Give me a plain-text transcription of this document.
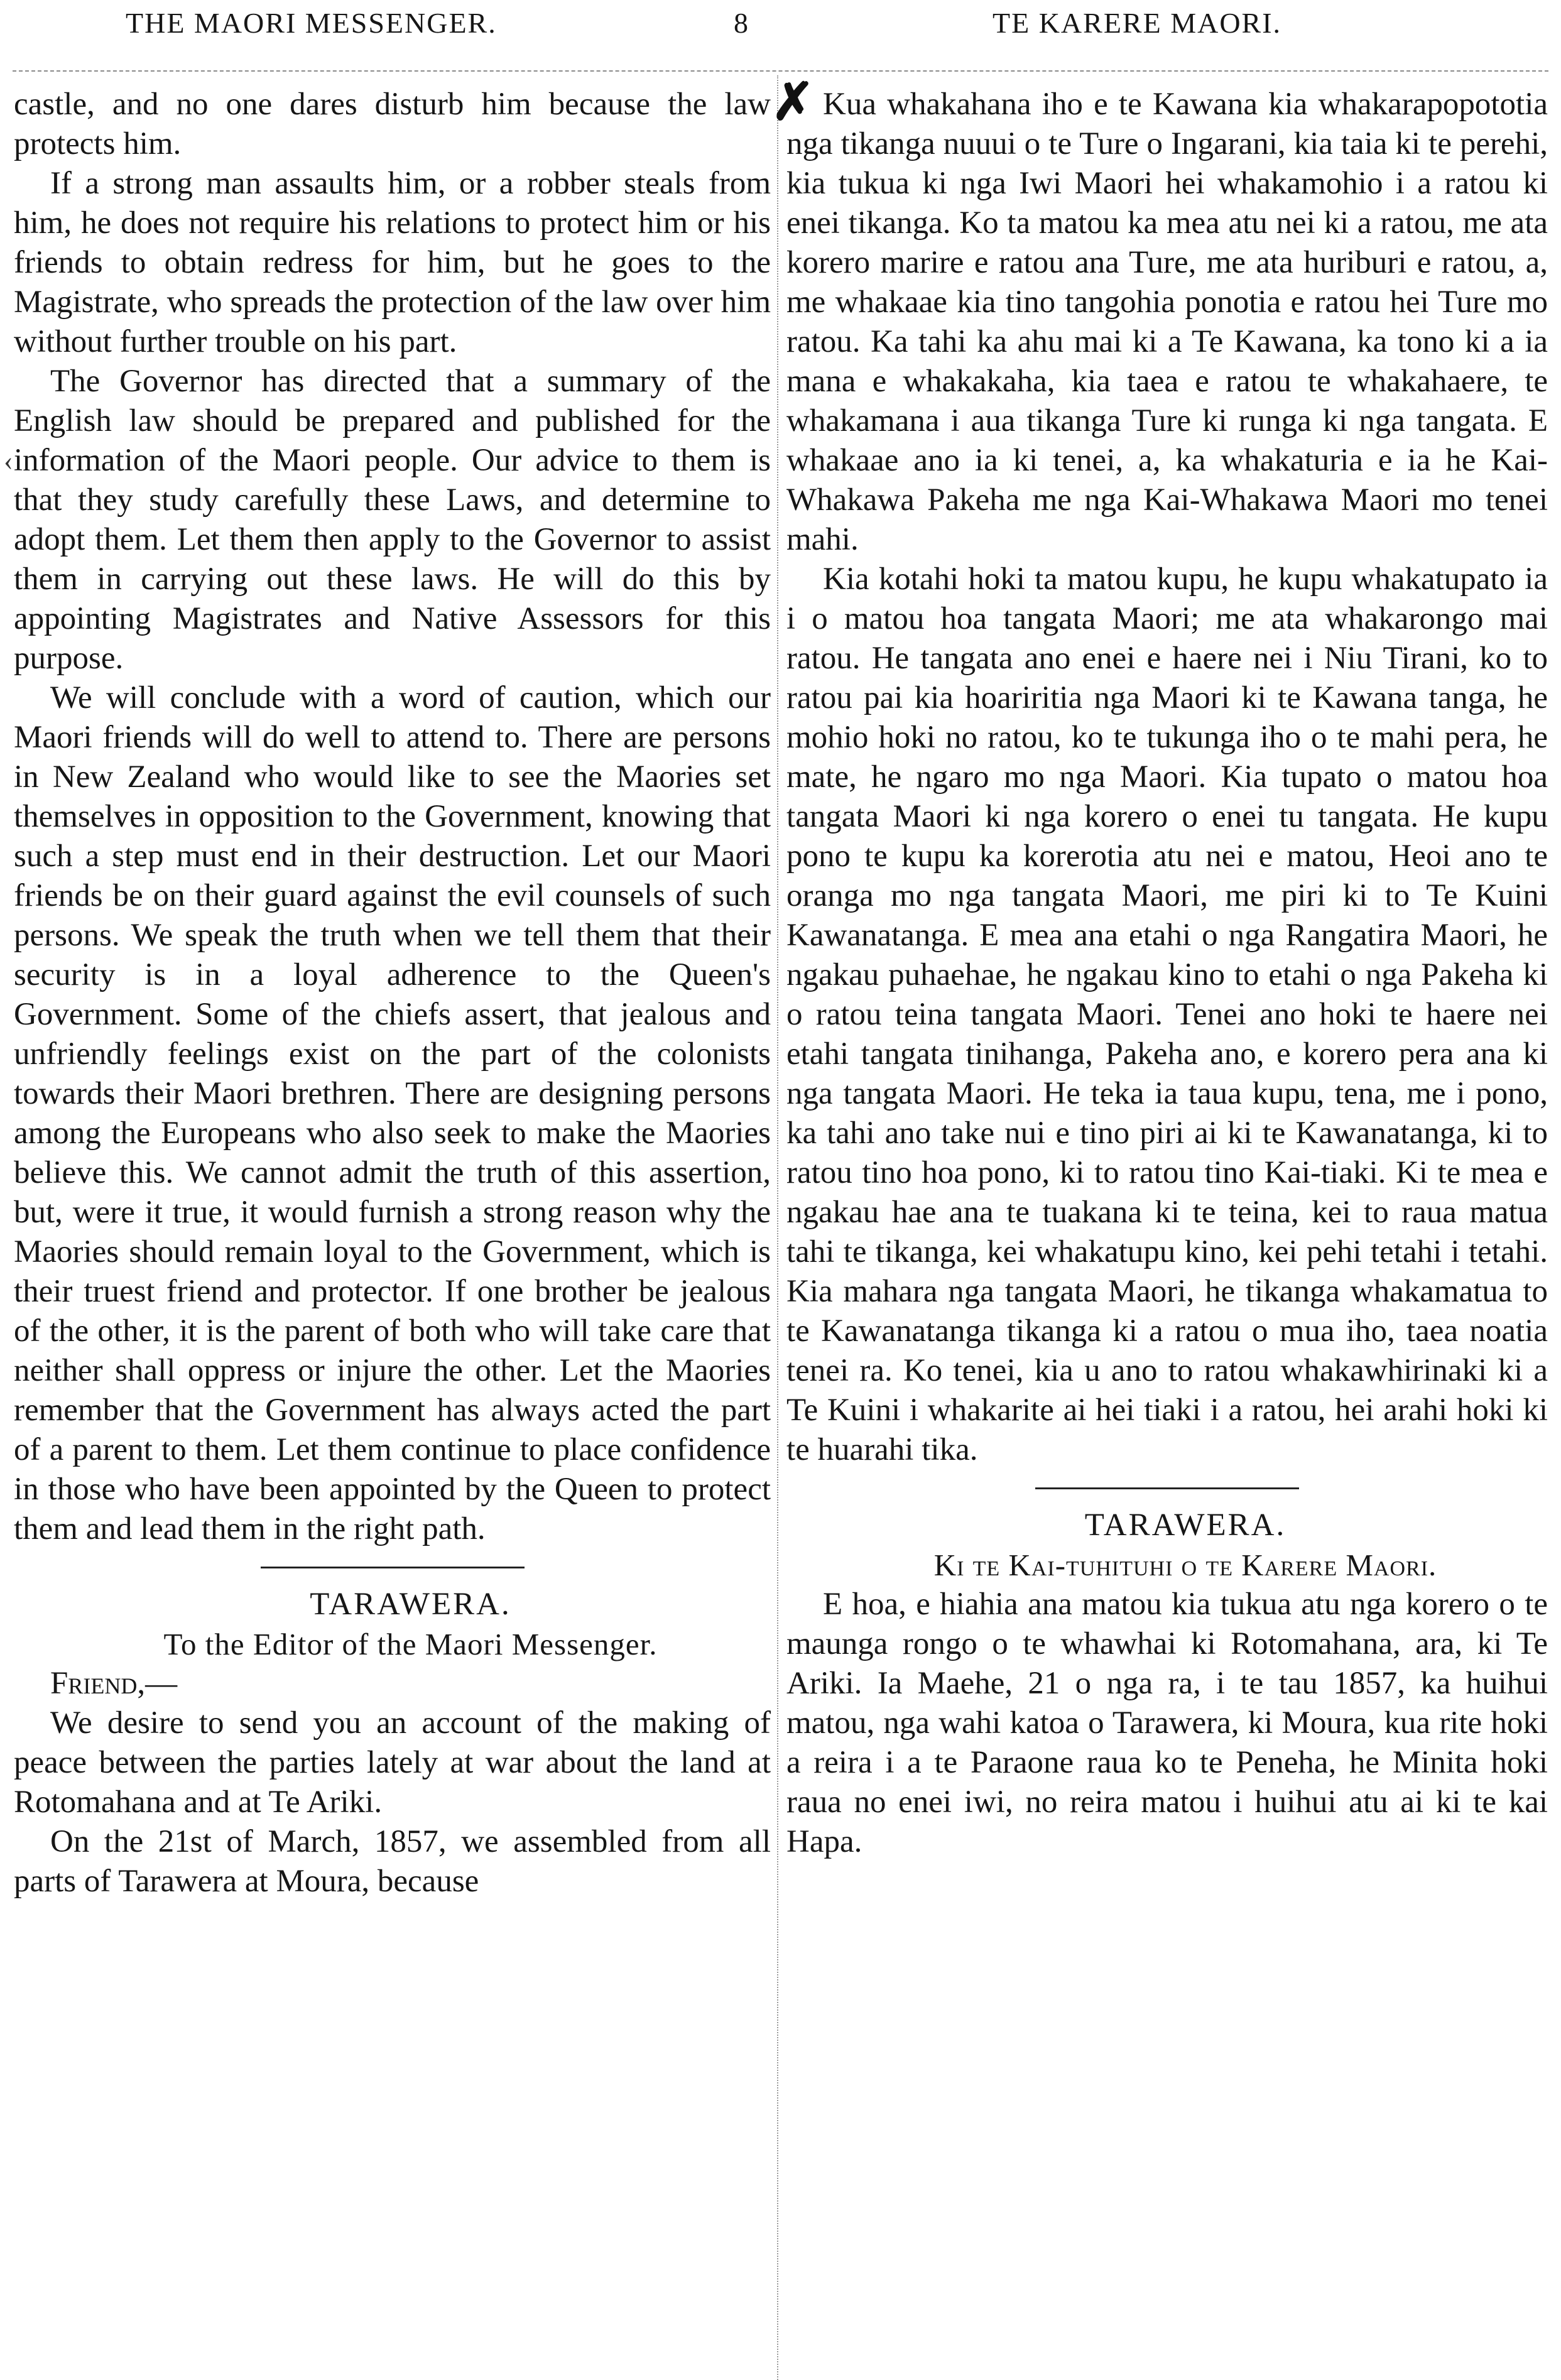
THE MAORI MESSENGER.	8	TE KARERE MAORI.
✗
‹

castle, and no one dares disturb him because the law protects him.

If a strong man assaults him, or a robber steals from him, he does not require his relations to protect him or his friends to obtain redress for him, but he goes to the Magistrate, who spreads the protection of the law over him without further trouble on his part.

The Governor has directed that a summary of the English law should be prepared and published for the information of the Maori people. Our advice to them is that they study carefully these Laws, and determine to adopt them. Let them then apply to the Governor to assist them in carrying out these laws. He will do this by appointing Magistrates and Native Assessors for this purpose.

We will conclude with a word of caution, which our Maori friends will do well to attend to. There are persons in New Zealand who would like to see the Maories set themselves in opposition to the Government, knowing that such a step must end in their destruction. Let our Maori friends be on their guard against the evil counsels of such persons. We speak the truth when we tell them that their security is in a loyal adherence to the Queen's Government. Some of the chiefs assert, that jealous and unfriendly feelings exist on the part of the colonists towards their Maori brethren. There are designing persons among the Europeans who also seek to make the Maories believe this. We cannot admit the truth of this assertion, but, were it true, it would furnish a strong reason why the Maories should remain loyal to the Government, which is their truest friend and protector. If one brother be jealous of the other, it is the parent of both who will take care that neither shall oppress or injure the other. Let the Maories remember that the Government has always acted the part of a parent to them. Let them continue to place confidence in those who have been appointed by the Queen to protect them and lead them in the right path.

TARAWERA.

To the Editor of the Maori Messenger.

Friend,—

We desire to send you an account of the making of peace between the parties lately at war about the land at Rotomahana and at Te Ariki.

On the 21st of March, 1857, we assembled from all parts of Tarawera at Moura, because

Kua whakahana iho e te Kawana kia whakarapopototia nga tikanga nuuui o te Ture o Ingarani, kia taia ki te perehi, kia tukua ki nga Iwi Maori hei whakamohio i a ratou ki enei tikanga. Ko ta matou ka mea atu nei ki a ratou, me ata korero marire e ratou ana Ture, me ata huriburi e ratou, a, me whakaae kia tino tangohia ponotia e ratou hei Ture mo ratou. Ka tahi ka ahu mai ki a Te Kawana, ka tono ki a ia mana e whakakaha, kia taea e ratou te whakahaere, te whakamana i aua tikanga Ture ki runga ki nga tangata. E whakaae ano ia ki tenei, a, ka whakaturia e ia he Kai-Whakawa Pakeha me nga Kai-Whakawa Maori mo tenei mahi.

Kia kotahi hoki ta matou kupu, he kupu whakatupato ia i o matou hoa tangata Maori; me ata whakarongo mai ratou. He tangata ano enei e haere nei i Niu Tirani, ko to ratou pai kia hoariritia nga Maori ki te Kawana tanga, he mohio hoki no ratou, ko te tukunga iho o te mahi pera, he mate, he ngaro mo nga Maori. Kia tupato o matou hoa tangata Maori ki nga korero o enei tu tangata. He kupu pono te kupu ka korerotia atu nei e matou, Heoi ano te oranga mo nga tangata Maori, me piri ki to Te Kuini Kawanatanga. E mea ana etahi o nga Rangatira Maori, he ngakau puhaehae, he ngakau kino to etahi o nga Pakeha ki o ratou teina tangata Maori. Tenei ano hoki te haere nei etahi tangata tinihanga, Pakeha ano, e korero pera ana ki nga tangata Maori. He teka ia taua kupu, tena, me i pono, ka tahi ano take nui e tino piri ai ki te Kawanatanga, ki to ratou tino hoa pono, ki to ratou tino Kai-tiaki. Ki te mea e ngakau hae ana te tuakana ki te teina, kei to raua matua tahi te tikanga, kei whakatupu kino, kei pehi tetahi i tetahi. Kia mahara nga tangata Maori, he tikanga whakamatua to te Kawanatanga tikanga ki a ratou o mua iho, taea noatia tenei ra. Ko tenei, kia u ano to ratou whakawhirinaki ki a Te Kuini i whakarite ai hei tiaki i a ratou, hei arahi hoki ki te huarahi tika.

TARAWERA.

Ki te Kai-tuhituhi o te Karere Maori.

E hoa, e hiahia ana matou kia tukua atu nga korero o te maunga rongo o te whawhai ki Rotomahana, ara, ki Te Ariki. Ia Maehe, 21 o nga ra, i te tau 1857, ka huihui matou, nga wahi katoa o Tarawera, ki Moura, kua rite hoki a reira i a te Paraone raua ko te Peneha, he Minita hoki raua no enei iwi, no reira matou i huihui atu ai ki te kai Hapa.
